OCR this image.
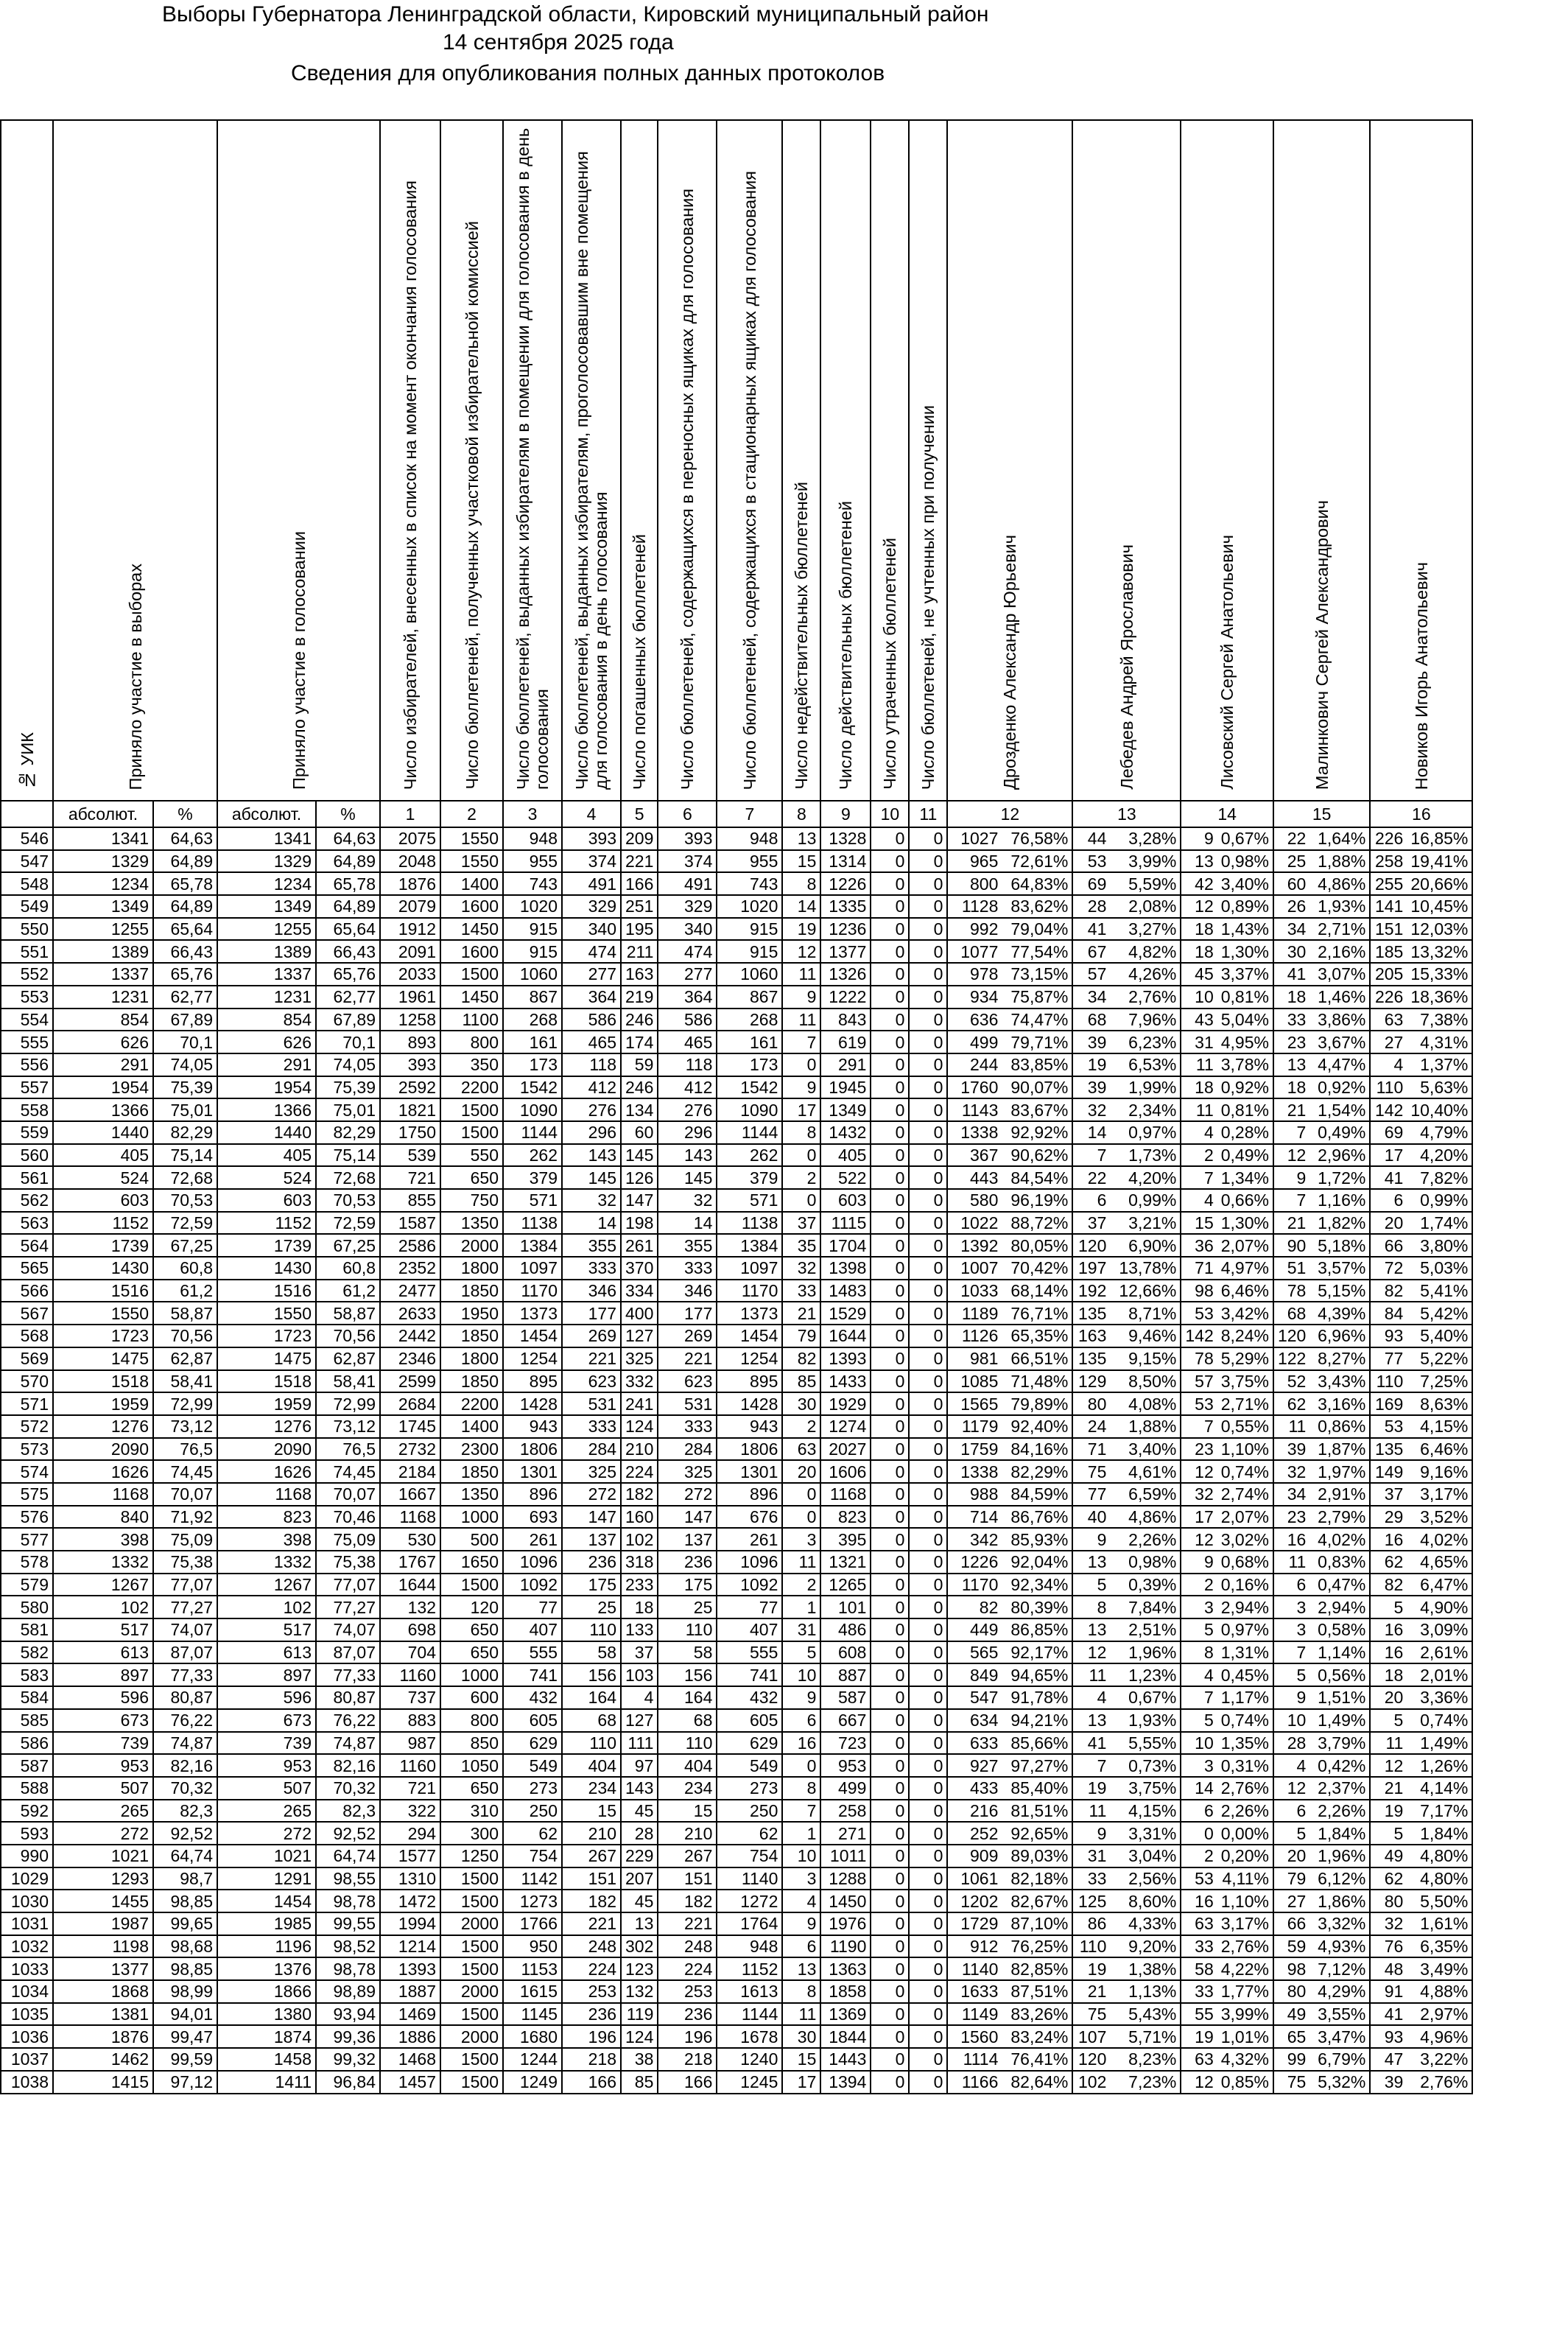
Выборы Губернатора Ленинградской области, Кировский муниципальный район
14 сентября 2025 года
Сведения для опубликования полных данных протоколов
№ УИК	Приняло участие в выборах		Приняло участие в голосовании		Число избирателей, внесенных в список на момент окончания голосования	Число бюллетеней, полученных участковой избирательной комиссией	Число бюллетеней, выданных избирателям в помещении для голосования в день голосования	Число бюллетеней, выданных избирателям, проголосовавшим вне помещения для голосования в день голосования	Число погашенных бюллетеней	Число бюллетеней, содержащихся в переносных ящиках для голосования	Число бюллетеней, содержащихся в стационарных ящиках для голосования	Число недействительных бюллетеней	Число действительных бюллетеней	Число утраченных бюллетеней	Число бюллетеней, не учтенных при получении	Дрозденко Александр Юрьевич		Лебедев Андрей Ярославович		Лисовский Сергей Анатольевич		Малинкович Сергей Александрович		Новиков Игорь Анатольевич	
	абсолют.	%	абсолют.	%	1	2	3	4	5	6	7	8	9	10	11	12		13		14		15		16	
546	1341	64,63	1341	64,63	2075	1550	948	393	209	393	948	13	1328	0	0	1027	76,58%	44	3,28%	9	0,67%	22	1,64%	226	16,85%
547	1329	64,89	1329	64,89	2048	1550	955	374	221	374	955	15	1314	0	0	965	72,61%	53	3,99%	13	0,98%	25	1,88%	258	19,41%
548	1234	65,78	1234	65,78	1876	1400	743	491	166	491	743	8	1226	0	0	800	64,83%	69	5,59%	42	3,40%	60	4,86%	255	20,66%
549	1349	64,89	1349	64,89	2079	1600	1020	329	251	329	1020	14	1335	0	0	1128	83,62%	28	2,08%	12	0,89%	26	1,93%	141	10,45%
550	1255	65,64	1255	65,64	1912	1450	915	340	195	340	915	19	1236	0	0	992	79,04%	41	3,27%	18	1,43%	34	2,71%	151	12,03%
551	1389	66,43	1389	66,43	2091	1600	915	474	211	474	915	12	1377	0	0	1077	77,54%	67	4,82%	18	1,30%	30	2,16%	185	13,32%
552	1337	65,76	1337	65,76	2033	1500	1060	277	163	277	1060	11	1326	0	0	978	73,15%	57	4,26%	45	3,37%	41	3,07%	205	15,33%
553	1231	62,77	1231	62,77	1961	1450	867	364	219	364	867	9	1222	0	0	934	75,87%	34	2,76%	10	0,81%	18	1,46%	226	18,36%
554	854	67,89	854	67,89	1258	1100	268	586	246	586	268	11	843	0	0	636	74,47%	68	7,96%	43	5,04%	33	3,86%	63	7,38%
555	626	70,1	626	70,1	893	800	161	465	174	465	161	7	619	0	0	499	79,71%	39	6,23%	31	4,95%	23	3,67%	27	4,31%
556	291	74,05	291	74,05	393	350	173	118	59	118	173	0	291	0	0	244	83,85%	19	6,53%	11	3,78%	13	4,47%	4	1,37%
557	1954	75,39	1954	75,39	2592	2200	1542	412	246	412	1542	9	1945	0	0	1760	90,07%	39	1,99%	18	0,92%	18	0,92%	110	5,63%
558	1366	75,01	1366	75,01	1821	1500	1090	276	134	276	1090	17	1349	0	0	1143	83,67%	32	2,34%	11	0,81%	21	1,54%	142	10,40%
559	1440	82,29	1440	82,29	1750	1500	1144	296	60	296	1144	8	1432	0	0	1338	92,92%	14	0,97%	4	0,28%	7	0,49%	69	4,79%
560	405	75,14	405	75,14	539	550	262	143	145	143	262	0	405	0	0	367	90,62%	7	1,73%	2	0,49%	12	2,96%	17	4,20%
561	524	72,68	524	72,68	721	650	379	145	126	145	379	2	522	0	0	443	84,54%	22	4,20%	7	1,34%	9	1,72%	41	7,82%
562	603	70,53	603	70,53	855	750	571	32	147	32	571	0	603	0	0	580	96,19%	6	0,99%	4	0,66%	7	1,16%	6	0,99%
563	1152	72,59	1152	72,59	1587	1350	1138	14	198	14	1138	37	1115	0	0	1022	88,72%	37	3,21%	15	1,30%	21	1,82%	20	1,74%
564	1739	67,25	1739	67,25	2586	2000	1384	355	261	355	1384	35	1704	0	0	1392	80,05%	120	6,90%	36	2,07%	90	5,18%	66	3,80%
565	1430	60,8	1430	60,8	2352	1800	1097	333	370	333	1097	32	1398	0	0	1007	70,42%	197	13,78%	71	4,97%	51	3,57%	72	5,03%
566	1516	61,2	1516	61,2	2477	1850	1170	346	334	346	1170	33	1483	0	0	1033	68,14%	192	12,66%	98	6,46%	78	5,15%	82	5,41%
567	1550	58,87	1550	58,87	2633	1950	1373	177	400	177	1373	21	1529	0	0	1189	76,71%	135	8,71%	53	3,42%	68	4,39%	84	5,42%
568	1723	70,56	1723	70,56	2442	1850	1454	269	127	269	1454	79	1644	0	0	1126	65,35%	163	9,46%	142	8,24%	120	6,96%	93	5,40%
569	1475	62,87	1475	62,87	2346	1800	1254	221	325	221	1254	82	1393	0	0	981	66,51%	135	9,15%	78	5,29%	122	8,27%	77	5,22%
570	1518	58,41	1518	58,41	2599	1850	895	623	332	623	895	85	1433	0	0	1085	71,48%	129	8,50%	57	3,75%	52	3,43%	110	7,25%
571	1959	72,99	1959	72,99	2684	2200	1428	531	241	531	1428	30	1929	0	0	1565	79,89%	80	4,08%	53	2,71%	62	3,16%	169	8,63%
572	1276	73,12	1276	73,12	1745	1400	943	333	124	333	943	2	1274	0	0	1179	92,40%	24	1,88%	7	0,55%	11	0,86%	53	4,15%
573	2090	76,5	2090	76,5	2732	2300	1806	284	210	284	1806	63	2027	0	0	1759	84,16%	71	3,40%	23	1,10%	39	1,87%	135	6,46%
574	1626	74,45	1626	74,45	2184	1850	1301	325	224	325	1301	20	1606	0	0	1338	82,29%	75	4,61%	12	0,74%	32	1,97%	149	9,16%
575	1168	70,07	1168	70,07	1667	1350	896	272	182	272	896	0	1168	0	0	988	84,59%	77	6,59%	32	2,74%	34	2,91%	37	3,17%
576	840	71,92	823	70,46	1168	1000	693	147	160	147	676	0	823	0	0	714	86,76%	40	4,86%	17	2,07%	23	2,79%	29	3,52%
577	398	75,09	398	75,09	530	500	261	137	102	137	261	3	395	0	0	342	85,93%	9	2,26%	12	3,02%	16	4,02%	16	4,02%
578	1332	75,38	1332	75,38	1767	1650	1096	236	318	236	1096	11	1321	0	0	1226	92,04%	13	0,98%	9	0,68%	11	0,83%	62	4,65%
579	1267	77,07	1267	77,07	1644	1500	1092	175	233	175	1092	2	1265	0	0	1170	92,34%	5	0,39%	2	0,16%	6	0,47%	82	6,47%
580	102	77,27	102	77,27	132	120	77	25	18	25	77	1	101	0	0	82	80,39%	8	7,84%	3	2,94%	3	2,94%	5	4,90%
581	517	74,07	517	74,07	698	650	407	110	133	110	407	31	486	0	0	449	86,85%	13	2,51%	5	0,97%	3	0,58%	16	3,09%
582	613	87,07	613	87,07	704	650	555	58	37	58	555	5	608	0	0	565	92,17%	12	1,96%	8	1,31%	7	1,14%	16	2,61%
583	897	77,33	897	77,33	1160	1000	741	156	103	156	741	10	887	0	0	849	94,65%	11	1,23%	4	0,45%	5	0,56%	18	2,01%
584	596	80,87	596	80,87	737	600	432	164	4	164	432	9	587	0	0	547	91,78%	4	0,67%	7	1,17%	9	1,51%	20	3,36%
585	673	76,22	673	76,22	883	800	605	68	127	68	605	6	667	0	0	634	94,21%	13	1,93%	5	0,74%	10	1,49%	5	0,74%
586	739	74,87	739	74,87	987	850	629	110	111	110	629	16	723	0	0	633	85,66%	41	5,55%	10	1,35%	28	3,79%	11	1,49%
587	953	82,16	953	82,16	1160	1050	549	404	97	404	549	0	953	0	0	927	97,27%	7	0,73%	3	0,31%	4	0,42%	12	1,26%
588	507	70,32	507	70,32	721	650	273	234	143	234	273	8	499	0	0	433	85,40%	19	3,75%	14	2,76%	12	2,37%	21	4,14%
592	265	82,3	265	82,3	322	310	250	15	45	15	250	7	258	0	0	216	81,51%	11	4,15%	6	2,26%	6	2,26%	19	7,17%
593	272	92,52	272	92,52	294	300	62	210	28	210	62	1	271	0	0	252	92,65%	9	3,31%	0	0,00%	5	1,84%	5	1,84%
990	1021	64,74	1021	64,74	1577	1250	754	267	229	267	754	10	1011	0	0	909	89,03%	31	3,04%	2	0,20%	20	1,96%	49	4,80%
1029	1293	98,7	1291	98,55	1310	1500	1142	151	207	151	1140	3	1288	0	0	1061	82,18%	33	2,56%	53	4,11%	79	6,12%	62	4,80%
1030	1455	98,85	1454	98,78	1472	1500	1273	182	45	182	1272	4	1450	0	0	1202	82,67%	125	8,60%	16	1,10%	27	1,86%	80	5,50%
1031	1987	99,65	1985	99,55	1994	2000	1766	221	13	221	1764	9	1976	0	0	1729	87,10%	86	4,33%	63	3,17%	66	3,32%	32	1,61%
1032	1198	98,68	1196	98,52	1214	1500	950	248	302	248	948	6	1190	0	0	912	76,25%	110	9,20%	33	2,76%	59	4,93%	76	6,35%
1033	1377	98,85	1376	98,78	1393	1500	1153	224	123	224	1152	13	1363	0	0	1140	82,85%	19	1,38%	58	4,22%	98	7,12%	48	3,49%
1034	1868	98,99	1866	98,89	1887	2000	1615	253	132	253	1613	8	1858	0	0	1633	87,51%	21	1,13%	33	1,77%	80	4,29%	91	4,88%
1035	1381	94,01	1380	93,94	1469	1500	1145	236	119	236	1144	11	1369	0	0	1149	83,26%	75	5,43%	55	3,99%	49	3,55%	41	2,97%
1036	1876	99,47	1874	99,36	1886	2000	1680	196	124	196	1678	30	1844	0	0	1560	83,24%	107	5,71%	19	1,01%	65	3,47%	93	4,96%
1037	1462	99,59	1458	99,32	1468	1500	1244	218	38	218	1240	15	1443	0	0	1114	76,41%	120	8,23%	63	4,32%	99	6,79%	47	3,22%
1038	1415	97,12	1411	96,84	1457	1500	1249	166	85	166	1245	17	1394	0	0	1166	82,64%	102	7,23%	12	0,85%	75	5,32%	39	2,76%
